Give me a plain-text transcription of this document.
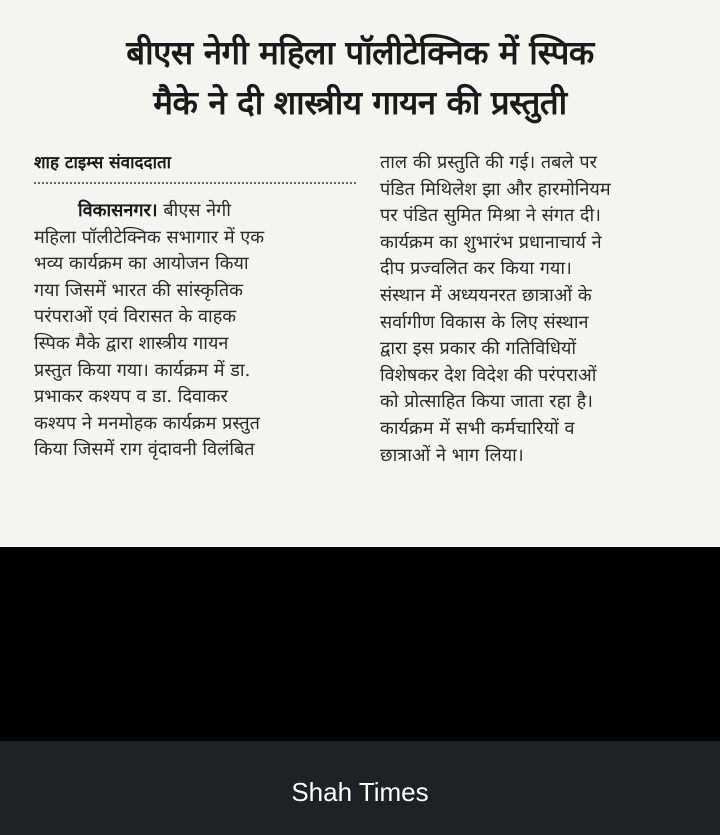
बीएस नेगी महिला पॉलीटेक्निक में स्पिक
मैके ने दी शास्त्रीय गायन की प्रस्तुती
शाह टाइम्स संवाददाता
विकासनगर। बीएस नेगी
महिला पॉलीटेक्निक सभागार में एक
भव्य कार्यक्रम का आयोजन किया
गया जिसमें भारत की सांस्कृतिक
परंपराओं एवं विरासत के वाहक
स्पिक मैके द्वारा शास्त्रीय गायन
प्रस्तुत किया गया। कार्यक्रम में डा.
प्रभाकर कश्यप व डा. दिवाकर
कश्यप ने मनमोहक कार्यक्रम प्रस्तुत
किया जिसमें राग वृंदावनी विलंबित
ताल की प्रस्तुति की गई। तबले पर
पंडित मिथिलेश झा और हारमोनियम
पर पंडित सुमित मिश्रा ने संगत दी।
कार्यक्रम का शुभारंभ प्रधानाचार्य ने
दीप प्रज्वलित कर किया गया।
संस्थान में अध्ययनरत छात्राओं के
सर्वागीण विकास के लिए संस्थान
द्वारा इस प्रकार की गतिविधियों
विशेषकर देश विदेश की परंपराओं
को प्रोत्साहित किया जाता रहा है।
कार्यक्रम में सभी कर्मचारियों व
छात्राओं ने भाग लिया।
Shah Times
